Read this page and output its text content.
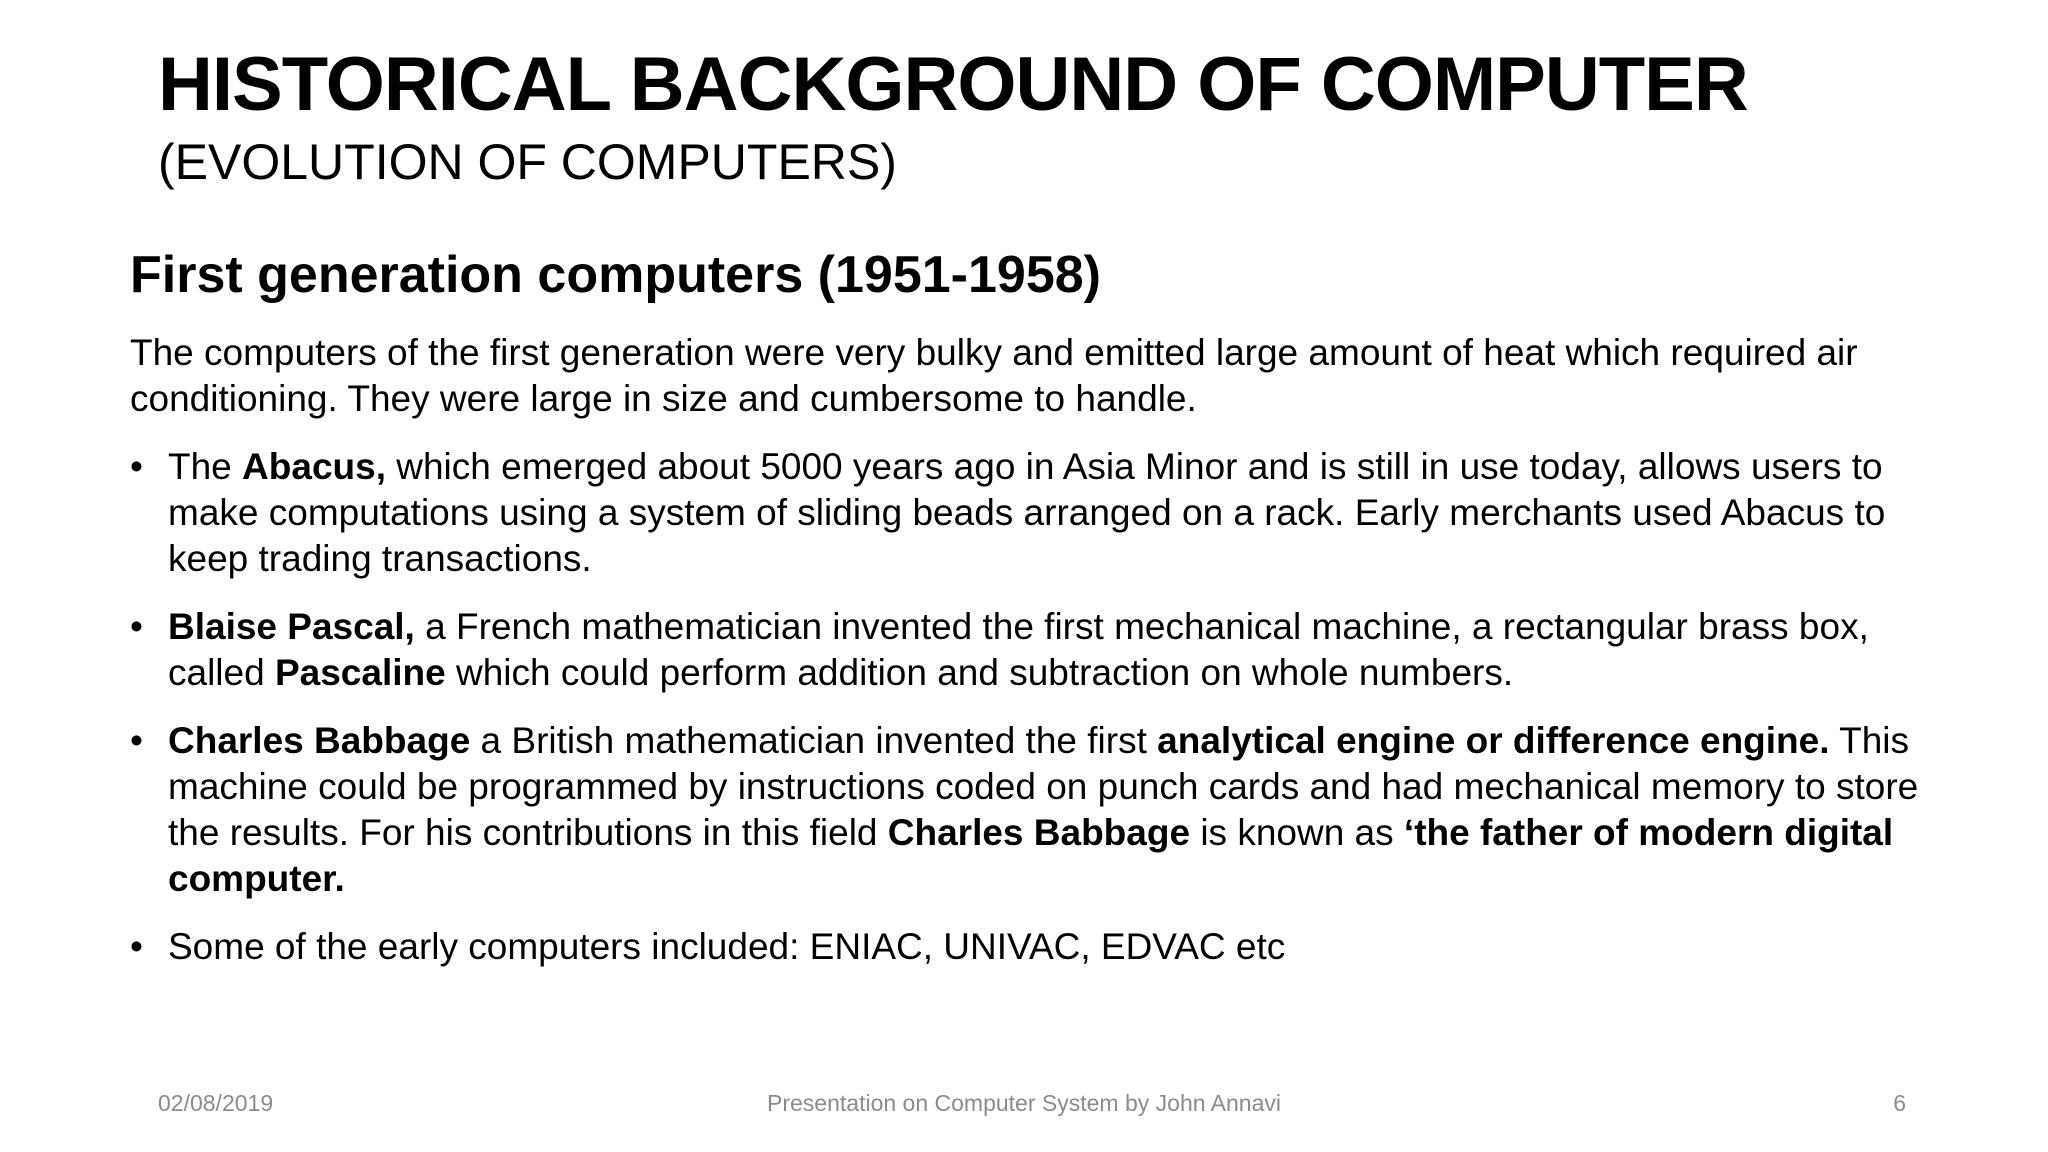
HISTORICAL BACKGROUND OF COMPUTER
(EVOLUTION OF COMPUTERS)
First generation computers (1951-1958)

The computers of the first generation were very bulky and emitted large amount of heat which required air conditioning. They were large in size and cumbersome to handle.

• The Abacus, which emerged about 5000 years ago in Asia Minor and is still in use today, allows users to make computations using a system of sliding beads arranged on a rack. Early merchants used Abacus to keep trading transactions.
• Blaise Pascal, a French mathematician invented the first mechanical machine, a rectangular brass box, called Pascaline which could perform addition and subtraction on whole numbers.
• Charles Babbage a British mathematician invented the first analytical engine or difference engine. This machine could be programmed by instructions coded on punch cards and had mechanical memory to store the results. For his contributions in this field Charles Babbage is known as ‘the father of modern digital computer.
• Some of the early computers included: ENIAC, UNIVAC, EDVAC etc
02/08/2019	Presentation on Computer System by John Annavi	6
